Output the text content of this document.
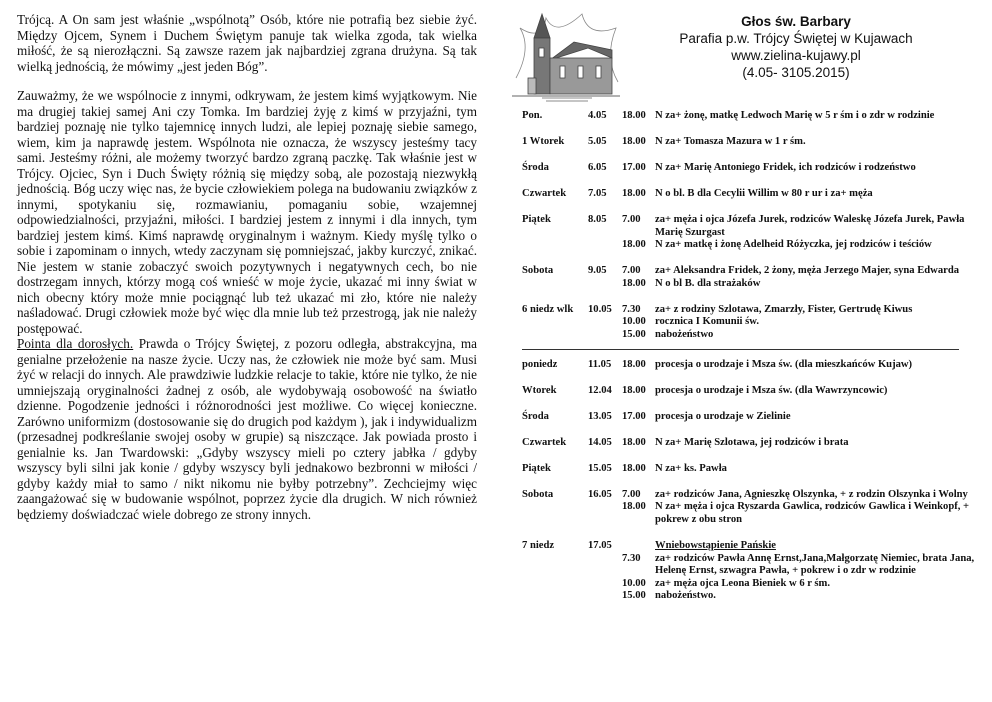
Trójcą. A On sam jest właśnie „wspólnotą” Osób, które nie potrafią bez siebie żyć. Między Ojcem, Synem i Duchem Świętym panuje tak wielka zgoda, tak wielka miłość, że są nierozłączni. Są zawsze razem jak najbardziej zgrana drużyna. Są tak wielką jednością, że mówimy „jest jeden Bóg”.

Zauważmy, że we wspólnocie z innymi, odkrywam, że jestem kimś wyjątkowym. Nie ma drugiej takiej samej Ani czy Tomka. Im bardziej żyję z kimś w przyjaźni, tym bardziej poznaję nie tylko tajemnicę innych ludzi, ale lepiej poznaję siebie samego, wiem, kim ja naprawdę jestem. Wspólnota nie oznacza, że wszyscy jesteśmy tacy sami. Jesteśmy różni, ale możemy tworzyć bardzo zgraną paczkę. Tak właśnie jest w Trójcy. Ojciec, Syn i Duch Święty różnią się między sobą, ale pozostają niezwykłą jednością. Bóg uczy więc nas, że bycie człowiekiem polega na budowaniu związków z innymi, spotykaniu się, rozmawianiu, pomaganiu sobie, wzajemnej odpowiedzialności, przyjaźni, miłości. I bardziej jestem z innymi i dla innych, tym bardziej jestem kimś. Kimś naprawdę oryginalnym i ważnym. Kiedy myślę tylko o sobie i zapominam o innych, wtedy zaczynam się pomniejszać, jakby kurczyć, znikać. Nie jestem w stanie zobaczyć swoich pozytywnych i negatywnych cech, bo nie dostrzegam innych, którzy mogą coś wnieść w moje życie, ukazać mi inny świat w nich obecny który może mnie pociągnąć lub też ukazać mi zło, które nie należy naśladować. Drugi człowiek może być więc dla mnie lub też przestrogą, jak nie należy postępować.

Pointa dla dorosłych. Prawda o Trójcy Świętej, z pozoru odległa, abstrakcyjna, ma genialne przełożenie na nasze życie. Uczy nas, że człowiek nie może być sam. Musi żyć w relacji do innych. Ale prawdziwie ludzkie relacje to takie, które nie tylko, że nie umniejszają oryginalności żadnej z osób, ale wydobywają osobowość na światło dzienne. Pogodzenie jedności i różnorodności jest możliwe. Co więcej konieczne. Zarówno uniformizm (dostosowanie się do drugich pod każdym ), jak i indywidualizm (przesadnej podkreślanie swojej osoby w grupie) są niszczące. Jak powiada prosto i genialnie ks. Jan Twardowski: „Gdyby wszyscy mieli po cztery jabłka / gdyby wszyscy byli silni jak konie / gdyby wszyscy byli jednakowo bezbronni w miłości / gdyby każdy miał to samo / nikt nikomu nie byłby potrzebny”. Zechciejmy więc zaangażować się w budowanie wspólnot, poprzez życie dla drugich. W nich również będziemy doświadczać wiele dobrego ze strony innych.

Głos św. Barbary
Parafia p.w. Trójcy Świętej w Kujawach
www.zielina-kujawy.pl
(4.05- 3105.2015)
Pon.	4.05	18.00 N za+ żonę, matkę Ledwoch Marię w 5 r śm i o zdr w rodzinie
1 Wtorek	5.05	18.00 N za+ Tomasza Mazura w 1 r śm.
Środa	6.05	17.00 N za+ Marię Antoniego Fridek, ich rodziców i rodzeństwo
Czwartek	7.05	18.00 N o bl. B dla Cecylii Willim w 80 r ur i za+ męża
Piątek	8.05	7.00	za+ męża i ojca Józefa Jurek, rodziców Waleskę Józefa Jurek, Pawła Marię Szurgast
18.00 N za+ matkę i żonę Adelheid Różyczka, jej rodziców i teściów
Sobota	9.05	7.00	za+ Aleksandra Fridek, 2 żony, męża Jerzego Majer, syna Edwarda
18.00 N o bl B. dla strażaków
6 niedz wlk	10.05 7.30	za+ z rodziny Szlotawa, Zmarzły, Fister, Gertrudę Kiwus
10.00 rocznica I Komunii św.
15.00 nabożeństwo
poniedz	11.05	18.00 procesja o urodzaje i Msza św. (dla mieszkańców Kujaw)
Wtorek	12.04 18.00 procesja o urodzaje i Msza św. (dla Wawrzyncowic)
Środa	13.05 17.00 procesja o urodzaje w Zielinie
Czwartek	14.05 18.00 N za+ Marię Szlotawa, jej rodziców i brata
Piątek	15.05 18.00 N za+ ks. Pawła
Sobota	16.05 7.00	za+ rodziców Jana, Agnieszkę Olszynka, + z rodzin Olszynka i Wolny
18.00 N za+ męża i ojca Ryszarda Gawlica, rodziców Gawlica i Weinkopf, + pokrew z obu stron
7 niedz	17.05	Wniebowstąpienie Pańskie
7.30	za+ rodziców Pawła Annę Ernst,Jana,Małgorzatę Niemiec, brata Jana, Helenę Ernst, szwagra Pawła, + pokrew i o zdr w rodzinie
10.00 za+ męża ojca Leona Bieniek w 6 r śm.
15.00 nabożeństwo.
